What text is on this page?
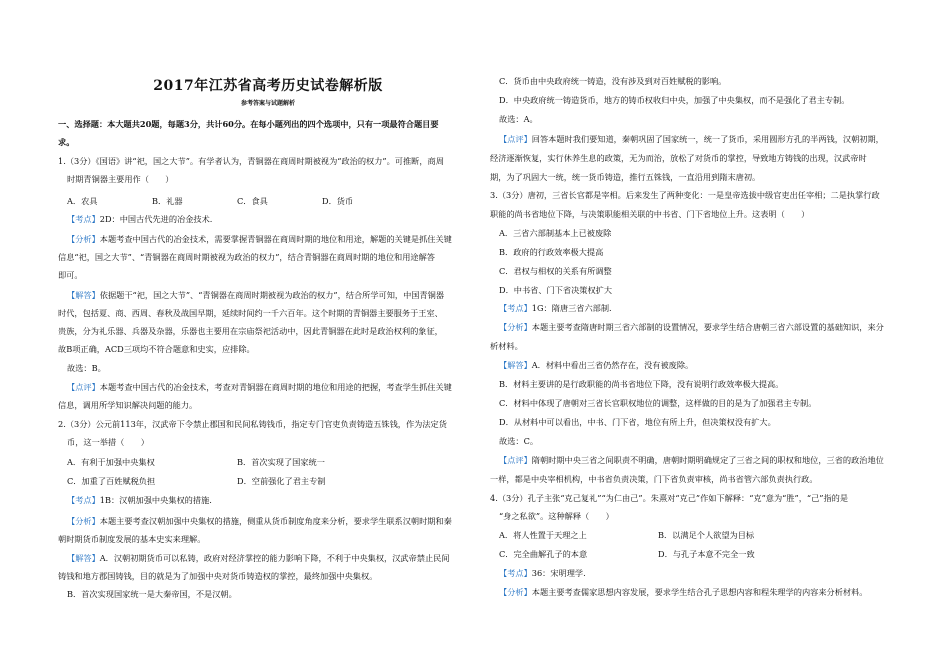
2017年江苏省高考历史试卷解析版
参考答案与试题解析
一、选择题：本大题共20题，每题3分，共计60分。在每小题列出的四个选项中，只有一项最符合题目要
求。
1.（3分）《国语》讲“祀，国之大节”。有学者认为，青铜器在商周时期被视为“政治的权力”。可推断，商周
时期青铜器主要用作（　　）
A．农具	B．礼器	C．食具	D．货币
【考点】2D：中国古代先进的冶金技术.
【分析】本题考查中国古代的冶金技术，需要掌握青铜器在商周时期的地位和用途，解题的关键是抓住关键
信息“祀，国之大节”、“青铜器在商周时期被视为政治的权力”，结合青铜器在商周时期的地位和用途解答
即可。
【解答】依据题干“祀，国之大节”、“青铜器在商周时期被视为政治的权力”，结合所学可知，中国青铜器
时代，包括夏、商、西周、春秋及战国早期，延续时间约一千六百年。这个时期的青铜器主要服务于王室、
贵族，分为礼乐器、兵器及杂器，乐器也主要用在宗庙祭祀活动中，因此青铜器在此时是政治权利的象征，
故B项正确，ACD三项均不符合题意和史实，应排除。
故选：B。
【点评】本题考查中国古代的冶金技术，考查对青铜器在商周时期的地位和用途的把握，考查学生抓住关键
信息，调用所学知识解决问题的能力。
2.（3分）公元前113年，汉武帝下令禁止郡国和民间私铸钱币，指定专门官吏负责铸造五铢钱，作为法定货
币，这一举措（　　）
A．有利于加强中央集权	B．首次实现了国家统一
C．加重了百姓赋税负担	D．空前强化了君主专制
【考点】1B：汉朝加强中央集权的措施.
【分析】本题主要考查汉朝加强中央集权的措施，侧重从货币制度角度来分析，要求学生联系汉朝时期和秦
朝时期货币制度发展的基本史实来理解。
【解答】A．汉朝初期货币可以私铸，政府对经济掌控的能力影响下降，不利于中央集权，汉武帝禁止民间
铸钱和地方郡国铸钱，目的就是为了加强中央对货币铸造权的掌控，最终加强中央集权。
B．首次实现国家统一是大秦帝国，不是汉朝。
C．货币由中央政府统一铸造，没有涉及到对百姓赋税的影响。
D．中央政府统一铸造货币，地方的铸币权收归中央，加强了中央集权，而不是强化了君主专制。
故选：A。
【点评】回答本题时我们要知道，秦朝巩固了国家统一，统一了货币，采用圆形方孔的半两钱，汉朝初期，
经济逐渐恢复，实行休养生息的政策，无为而治，放松了对货币的掌控，导致地方铸钱的出现，汉武帝时
期，为了巩固大一统，统一货币铸造，推行五铢钱，一直沿用到隋末唐初。
3.（3分）唐初，三省长官都是宰相。后来发生了两种变化：一是皇帝选拔中级官吏出任宰相；二是执掌行政
职能的尚书省地位下降，与决策职能相关联的中书省、门下省地位上升。这表明（　　）
A．三省六部制基本上已被废除
B．政府的行政效率极大提高
C．君权与相权的关系有所调整
D．中书省、门下省决策权扩大
【考点】1G：隋唐三省六部制.
【分析】本题主要考查隋唐时期三省六部制的设置情况，要求学生结合唐朝三省六部设置的基础知识，来分
析材料。
【解答】A．材料中看出三省仍然存在，没有被废除。
B．材料主要讲的是行政职能的尚书省地位下降，没有说明行政效率极大提高。
C．材料中体现了唐朝对三省长官职权地位的调整，这样做的目的是为了加强君主专制。
D．从材料中可以看出，中书、门下省，地位有所上升，但决策权没有扩大。
故选：C。
【点评】隋朝时期中央三省之间职责不明确，唐朝时期明确规定了三省之间的职权和地位，三省的政治地位
一样，都是中央宰相机构，中书省负责决策，门下省负责审核，尚书省管六部负责执行政。
4.（3分）孔子主张“克己复礼”“为仁由己”。朱熹对“克己”作如下解释：“克”意为“胜”，“己”指的是
“身之私欲”。这种解释（　　）
A．将人性置于天理之上	B．以满足个人欲望为目标
C．完全曲解孔子的本意	D．与孔子本意不完全一致
【考点】36：宋明理学.
【分析】本题主要考查儒家思想内容发展，要求学生结合孔子思想内容和程朱理学的内容来分析材料。
